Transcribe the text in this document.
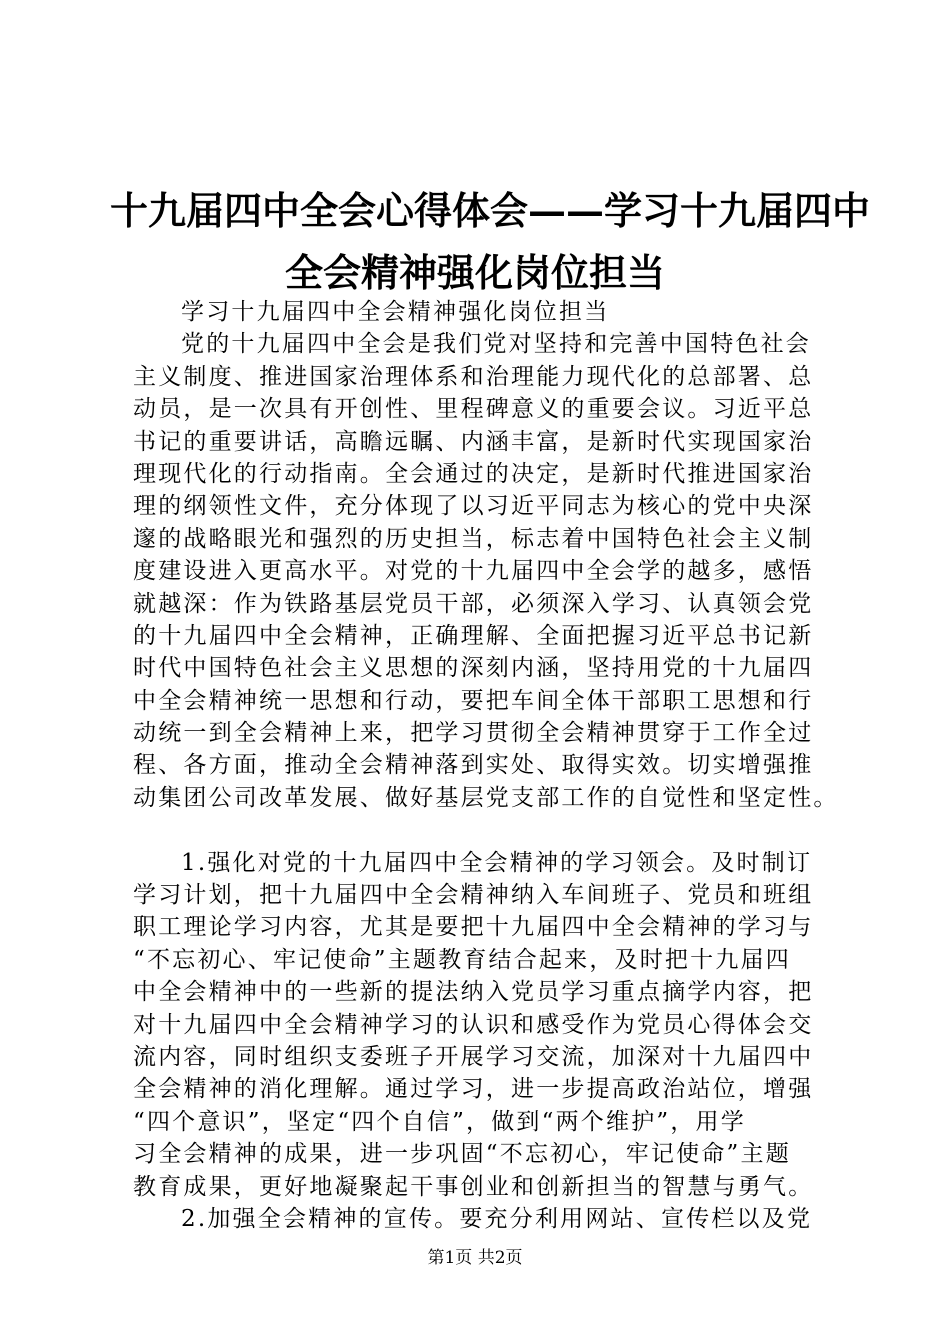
十九届四中全会心得体会——学习十九届四中
全会精神强化岗位担当
学习十九届四中全会精神强化岗位担当
党的十九届四中全会是我们党对坚持和完善中国特色社会
主义制度、推进国家治理体系和治理能力现代化的总部署、总
动员，是一次具有开创性、里程碑意义的重要会议。习近平总
书记的重要讲话，高瞻远瞩、内涵丰富，是新时代实现国家治
理现代化的行动指南。全会通过的决定，是新时代推进国家治
理的纲领性文件，充分体现了以习近平同志为核心的党中央深
邃的战略眼光和强烈的历史担当，标志着中国特色社会主义制
度建设进入更高水平。对党的十九届四中全会学的越多，感悟
就越深：作为铁路基层党员干部，必须深入学习、认真领会党
的十九届四中全会精神，正确理解、全面把握习近平总书记新
时代中国特色社会主义思想的深刻内涵，坚持用党的十九届四
中全会精神统一思想和行动，要把车间全体干部职工思想和行
动统一到全会精神上来，把学习贯彻全会精神贯穿于工作全过
程、各方面，推动全会精神落到实处、取得实效。切实增强推
动集团公司改革发展、做好基层党支部工作的自觉性和坚定性。
1.强化对党的十九届四中全会精神的学习领会。及时制订
学习计划，把十九届四中全会精神纳入车间班子、党员和班组
职工理论学习内容，尤其是要把十九届四中全会精神的学习与
“不忘初心、牢记使命”主题教育结合起来，及时把十九届四
中全会精神中的一些新的提法纳入党员学习重点摘学内容，把
对十九届四中全会精神学习的认识和感受作为党员心得体会交
流内容，同时组织支委班子开展学习交流，加深对十九届四中
全会精神的消化理解。通过学习，进一步提高政治站位，增强
“四个意识”，坚定“四个自信”，做到“两个维护”，用学
习全会精神的成果，进一步巩固“不忘初心，牢记使命”主题
教育成果，更好地凝聚起干事创业和创新担当的智慧与勇气。
2.加强全会精神的宣传。要充分利用网站、宣传栏以及党
第1页 共2页
